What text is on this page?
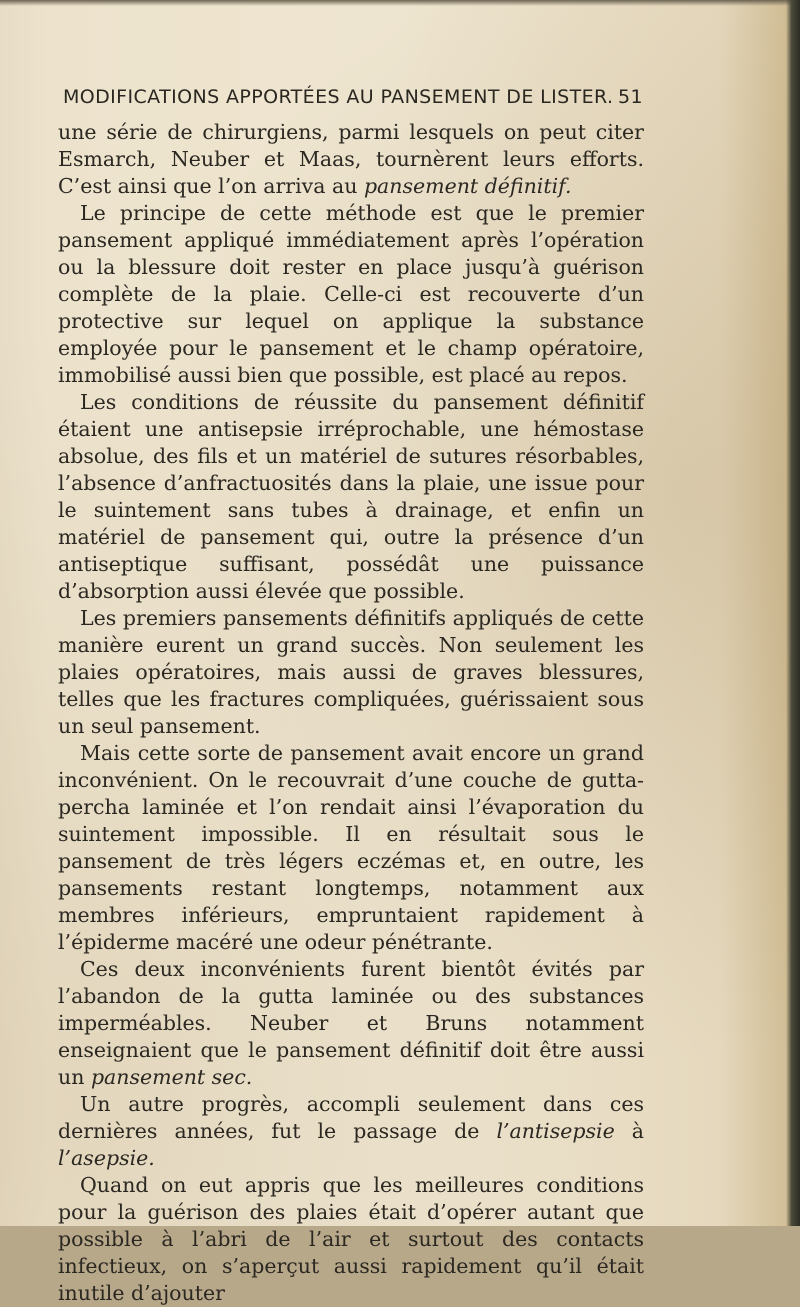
MODIFICATIONS APPORTÉES AU PANSEMENT DE LISTER. 51

une série de chirurgiens, parmi lesquels on peut citer Esmarch, Neuber et Maas, tournèrent leurs efforts. C’est ainsi que l’on arriva au pansement définitif.

Le principe de cette méthode est que le premier pansement appliqué immédiatement après l’opération ou la blessure doit rester en place jusqu’à guérison complète de la plaie. Celle-ci est recouverte d’un protective sur lequel on applique la substance employée pour le pansement et le champ opératoire, immobilisé aussi bien que possible, est placé au repos.

Les conditions de réussite du pansement définitif étaient une antisepsie irréprochable, une hémostase absolue, des fils et un matériel de sutures résorbables, l’absence d’anfractuosités dans la plaie, une issue pour le suintement sans tubes à drainage, et enfin un matériel de pansement qui, outre la présence d’un antiseptique suffisant, possédât une puissance d’absorption aussi élevée que possible.

Les premiers pansements définitifs appliqués de cette manière eurent un grand succès. Non seulement les plaies opératoires, mais aussi de graves blessures, telles que les fractures compliquées, guérissaient sous un seul pansement.

Mais cette sorte de pansement avait encore un grand inconvénient. On le recouvrait d’une couche de gutta-percha laminée et l’on rendait ainsi l’évaporation du suintement impossible. Il en résultait sous le pansement de très légers eczémas et, en outre, les pansements restant longtemps, notamment aux membres inférieurs, empruntaient rapidement à l’épiderme macéré une odeur pénétrante.

Ces deux inconvénients furent bientôt évités par l’abandon de la gutta laminée ou des substances imperméables. Neuber et Bruns notamment enseignaient que le pansement définitif doit être aussi un pansement sec.

Un autre progrès, accompli seulement dans ces dernières années, fut le passage de l’antisepsie à l’asepsie.

Quand on eut appris que les meilleures conditions pour la guérison des plaies était d’opérer autant que possible à l’abri de l’air et surtout des contacts infectieux, on s’aperçut aussi rapidement qu’il était inutile d’ajouter
